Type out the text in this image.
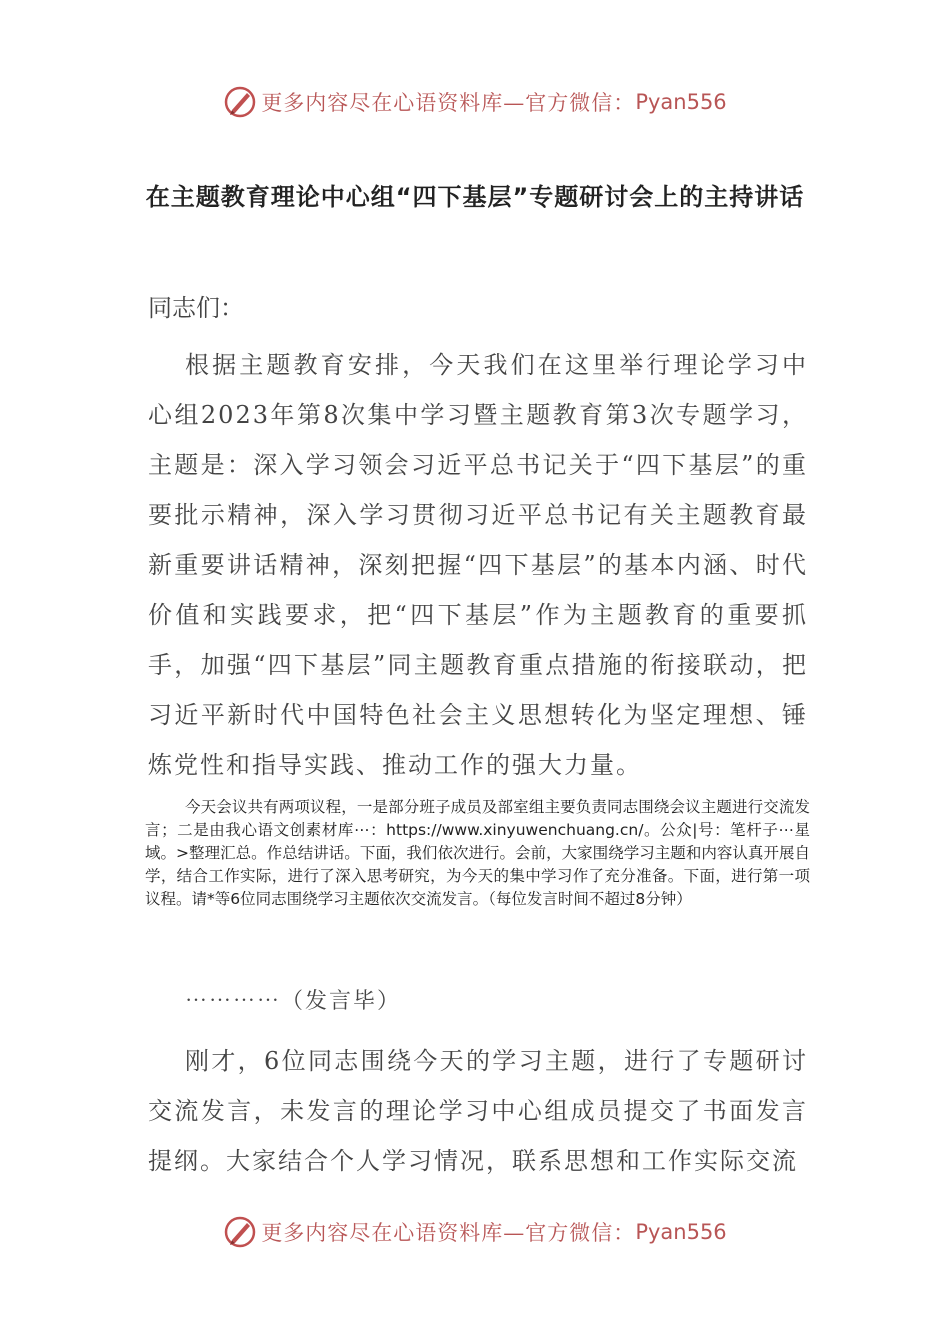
更多内容尽在心语资料库—官方微信： Pyan556
在主题教育理论中心组“四下基层”专题研讨会上的主持讲话
同志们：
根据主题教育安排，今天我们在这里举行理论学习中心组2023年第8次集中学习暨主题教育第3次专题学习，主题是：深入学习领会习近平总书记关于“四下基层”的重要批示精神，深入学习贯彻习近平总书记有关主题教育最新重要讲话精神，深刻把握“四下基层”的基本内涵、时代价值和实践要求，把“四下基层”作为主题教育的重要抓手，加强“四下基层”同主题教育重点措施的衔接联动，把习近平新时代中国特色社会主义思想转化为坚定理想、锤炼党性和指导实践、推动工作的强大力量。
今天会议共有两项议程，一是部分班子成员及部室组主要负责同志围绕会议主题进行交流发言；二是由我心语文创素材库⋯：https://www.xinyuwenchuang.cn/。公众|号：笔杆子⋯星域。>整理汇总。作总结讲话。下面，我们依次进行。会前，大家围绕学习主题和内容认真开展自学，结合工作实际，进行了深入思考研究，为今天的集中学习作了充分准备。下面，进行第一项议程。请*等6位同志围绕学习主题依次交流发言。（每位发言时间不超过8分钟）
⋯⋯⋯⋯（发言毕）
刚才，6位同志围绕今天的学习主题，进行了专题研讨交流发言，未发言的理论学习中心组成员提交了书面发言提纲。大家结合个人学习情况，联系思想和工作实际交流
更多内容尽在心语资料库—官方微信： Pyan556
